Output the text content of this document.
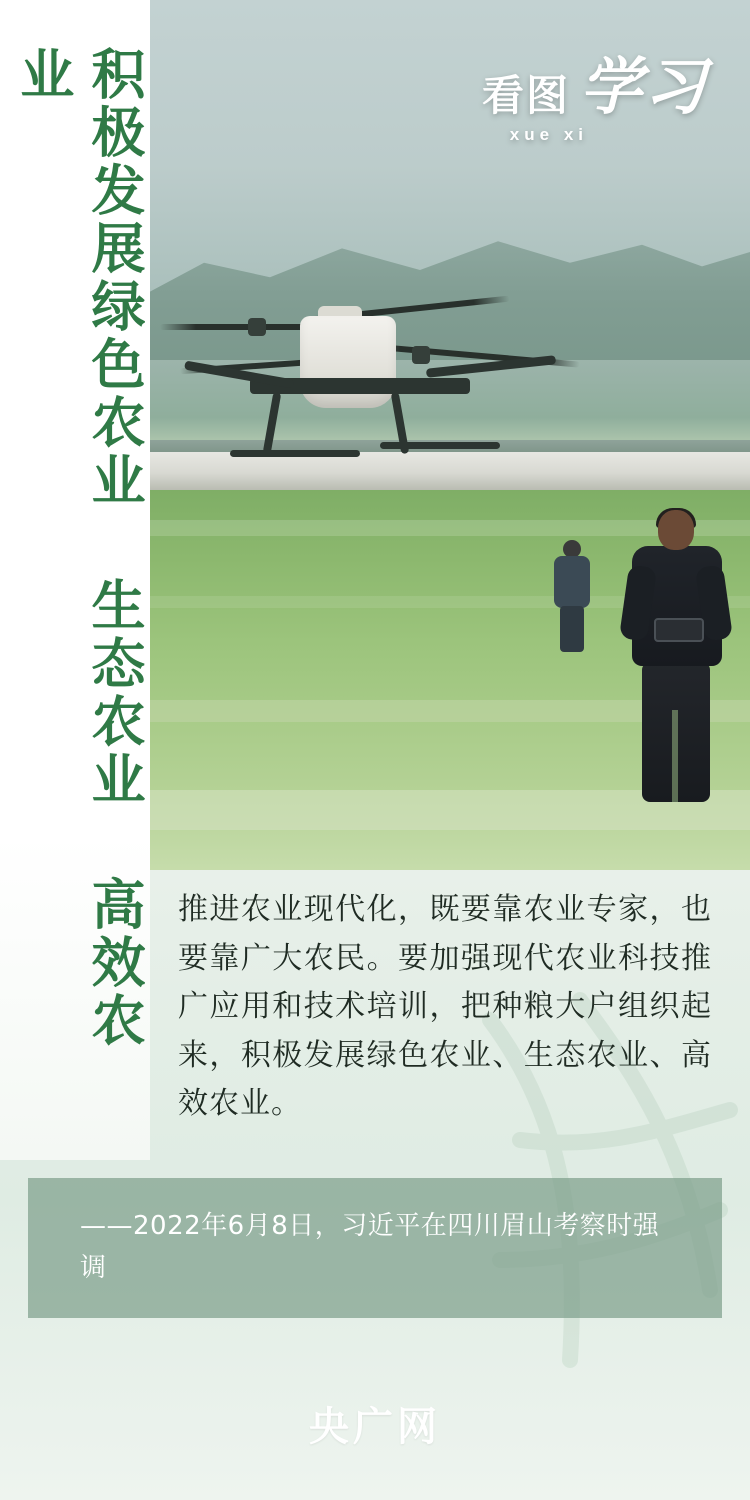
积极发展绿色农业 生态农业 高效农业	看图 学习
xue xi
推进农业现代化，既要靠农业专家，也要靠广大农民。要加强现代农业科技推广应用和技术培训，把种粮大户组织起来，积极发展绿色农业、生态农业、高效农业。
——2022年6月8日，习近平在四川眉山考察时强调
央广网
